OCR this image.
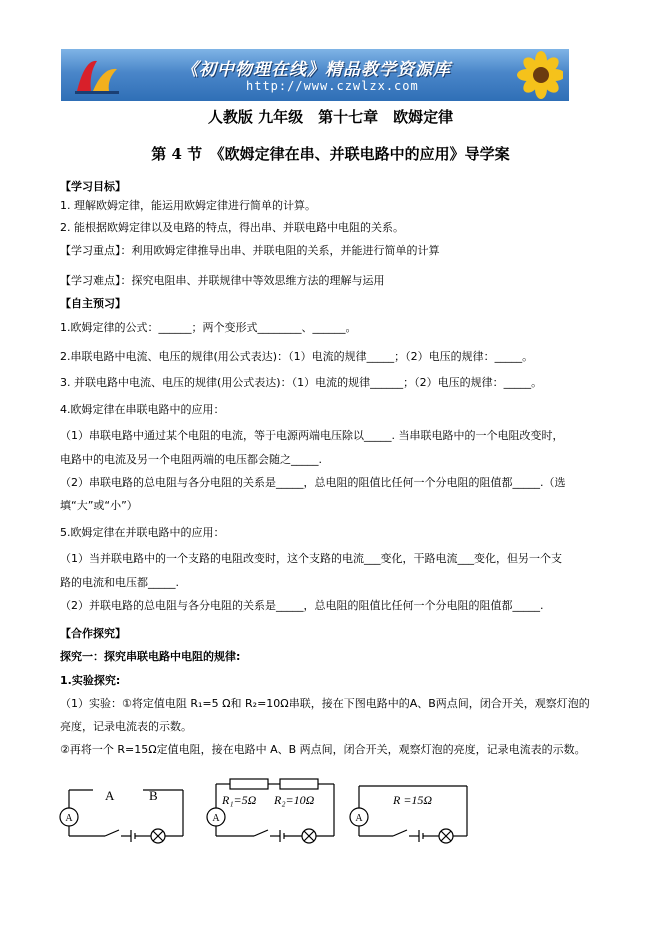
《初中物理在线》精品教学资源库
http://www.czwlzx.com
人教版 九年级　第十七章　欧姆定律
第 4 节　《欧姆定律在串、并联电路中的应用》导学案
【学习目标】
1. 理解欧姆定律，能运用欧姆定律进行简单的计算。
2. 能根据欧姆定律以及电路的特点，得出串、并联电路中电阻的关系。
【学习重点】：利用欧姆定律推导出串、并联电阻的关系，并能进行简单的计算
【学习难点】：探究电阻串、并联规律中等效思维方法的理解与运用
【自主预习】
1.欧姆定律的公式：______；两个变形式________、______。
2.串联电路中电流、电压的规律(用公式表达)：（1）电流的规律_____；（2）电压的规律：_____。
3. 并联电路中电流、电压的规律(用公式表达)：（1）电流的规律______；（2）电压的规律：_____。
4.欧姆定律在串联电路中的应用：
（1）串联电路中通过某个电阻的电流，等于电源两端电压除以_____. 当串联电路中的一个电阻改变时，
电路中的电流及另一个电阻两端的电压都会随之_____.
（2）串联电路的总电阻与各分电阻的关系是_____，总电阻的阻值比任何一个分电阻的阻值都_____.（选
填“大”或“小”）
5.欧姆定律在并联电路中的应用：
（1）当并联电路中的一个支路的电阻改变时，这个支路的电流___变化，干路电流___变化，但另一个支
路的电流和电压都_____.
（2）并联电路的总电阻与各分电阻的关系是_____，总电阻的阻值比任何一个分电阻的阻值都_____.
【合作探究】
探究一：探究串联电路中电阻的规律:
1.实验探究:
（1）实验：①将定值电阻 R₁=5 Ω和 R₂=10Ω串联，接在下图电路中的A、B两点间，闭合开关，观察灯泡的
亮度，记录电流表的示数。
②再将一个 R=15Ω定值电阻，接在电路中 A、B 两点间，闭合开关，观察灯泡的亮度，记录电流表的示数。
A
A	B
A
R₁=5Ω R₂=10Ω
A
R =15Ω
